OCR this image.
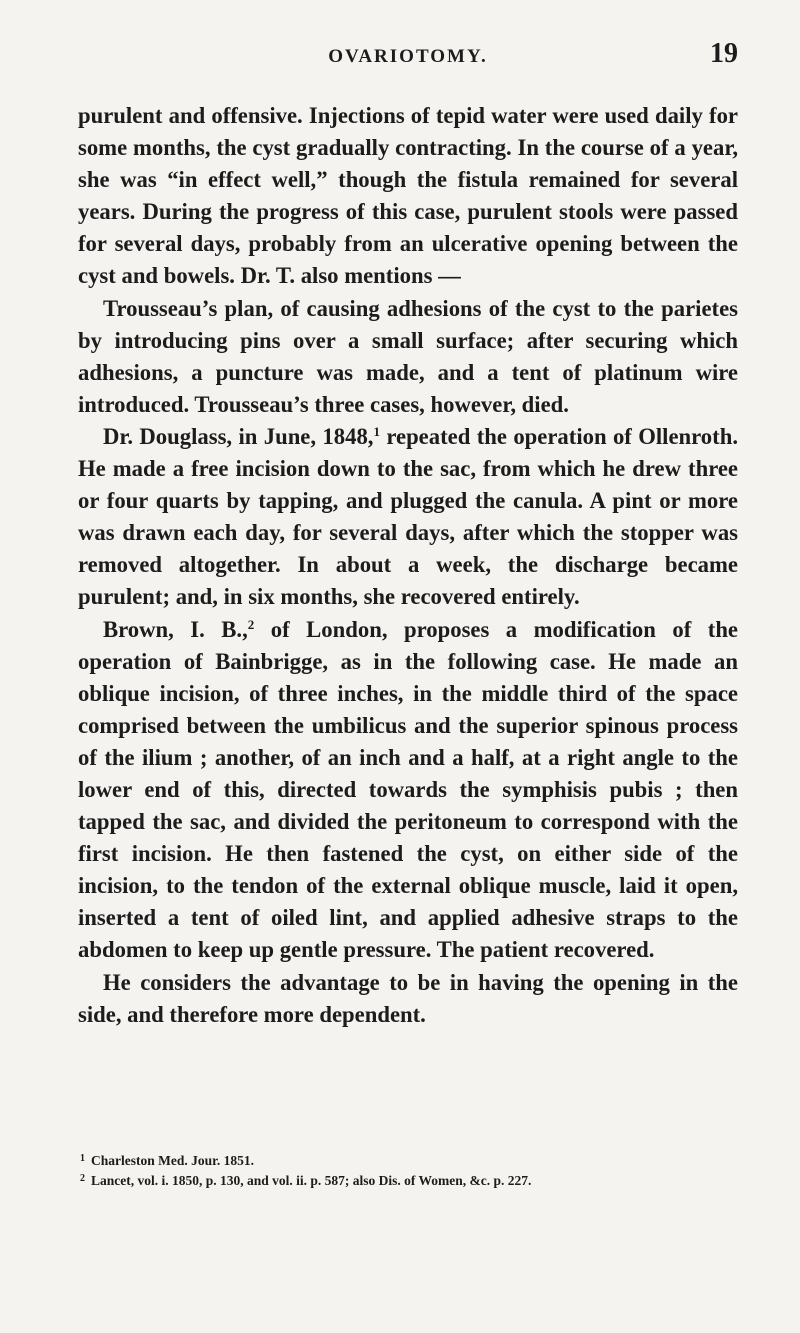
OVARIOTOMY.	19

purulent and offensive. Injections of tepid water were used daily for some months, the cyst gradually contracting. In the course of a year, she was “in effect well,” though the fistula remained for several years. During the progress of this case, purulent stools were passed for several days, probably from an ulcerative opening between the cyst and bowels. Dr. T. also mentions —

Trousseau’s plan, of causing adhesions of the cyst to the parietes by introducing pins over a small surface; after securing which adhesions, a puncture was made, and a tent of platinum wire introduced. Trousseau’s three cases, however, died.

Dr. Douglass, in June, 1848,$^1$ repeated the operation of Ollenroth. He made a free incision down to the sac, from which he drew three or four quarts by tapping, and plugged the canula. A pint or more was drawn each day, for several days, after which the stopper was removed altogether. In about a week, the discharge became purulent; and, in six months, she recovered entirely.

Brown, I. B.,$^2$ of London, proposes a modification of the operation of Bainbrigge, as in the following case. He made an oblique incision, of three inches, in the middle third of the space comprised between the umbilicus and the superior spinous process of the ilium ; another, of an inch and a half, at a right angle to the lower end of this, directed towards the symphisis pubis ; then tapped the sac, and divided the peritoneum to correspond with the first incision. He then fastened the cyst, on either side of the incision, to the tendon of the external oblique muscle, laid it open, inserted a tent of oiled lint, and applied adhesive straps to the abdomen to keep up gentle pressure. The patient recovered.

He considers the advantage to be in having the opening in the side, and therefore more dependent.

$^1$ Charleston Med. Jour. 1851.

$^2$ Lancet, vol. i. 1850, p. 130, and vol. ii. p. 587; also Dis. of Women, &c. p. 227.
